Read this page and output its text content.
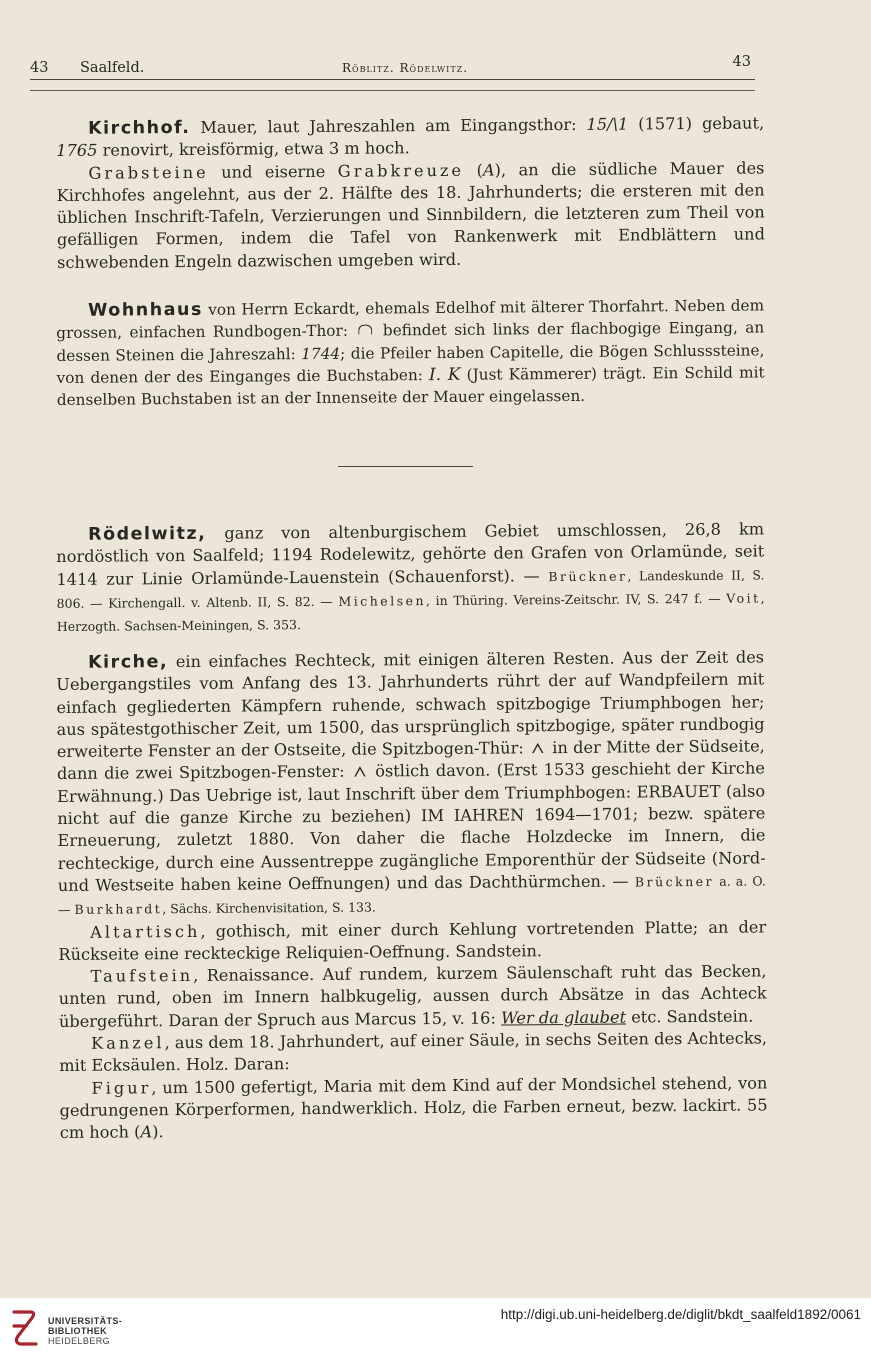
43 Saalfeld.	Röblitz. Rödelwitz.	43
Kirchhof. Mauer, laut Jahreszahlen am Eingangsthor: 15/\1 (1571) gebaut, 1765 renovirt, kreisförmig, etwa 3 m hoch.
Grabsteine und eiserne Grabkreuze (A), an die südliche Mauer des Kirchhofes angelehnt, aus der 2. Hälfte des 18. Jahrhunderts; die ersteren mit den üblichen Inschrift-Tafeln, Verzierungen und Sinnbildern, die letzteren zum Theil von gefälligen Formen, indem die Tafel von Rankenwerk mit Endblättern und schwebenden Engeln dazwischen umgeben wird.
Wohnhaus von Herrn Eckardt, ehemals Edelhof mit älterer Thorfahrt. Neben dem grossen, einfachen Rundbogen-Thor: befindet sich links der flachbogige Eingang, an dessen Steinen die Jahreszahl: 1744; die Pfeiler haben Capitelle, die Bögen Schlusssteine, von denen der des Einganges die Buchstaben: I. K (Just Kämmerer) trägt. Ein Schild mit denselben Buchstaben ist an der Innenseite der Mauer eingelassen.
Rödelwitz, ganz von altenburgischem Gebiet umschlossen, 26,8 km nordöstlich von Saalfeld; 1194 Rodelewitz, gehörte den Grafen von Orlamünde, seit 1414 zur Linie Orlamünde-Lauenstein (Schauenforst). — Brückner, Landeskunde II, S. 806. — Kirchengall. v. Altenb. II, S. 82. — Michelsen, in Thüring. Vereins-Zeitschr. IV, S. 247 f. — Voit, Herzogth. Sachsen-Meiningen, S. 353.
Kirche, ein einfaches Rechteck, mit einigen älteren Resten. Aus der Zeit des Uebergangstiles vom Anfang des 13. Jahrhunderts rührt der auf Wandpfeilern mit einfach gegliederten Kämpfern ruhende, schwach spitzbogige Triumphbogen her; aus spätestgothischer Zeit, um 1500, das ursprünglich spitzbogige, später rundbogig erweiterte Fenster an der Ostseite, die Spitzbogen-Thür: in der Mitte der Südseite, dann die zwei Spitzbogen-Fenster: östlich davon. (Erst 1533 geschieht der Kirche Erwähnung.) Das Uebrige ist, laut Inschrift über dem Triumphbogen: ERBAUET (also nicht auf die ganze Kirche zu beziehen) IM IAHREN 1694—1701; bezw. spätere Erneuerung, zuletzt 1880. Von daher die flache Holzdecke im Innern, die rechteckige, durch eine Aussentreppe zugängliche Emporenthür der Südseite (Nord- und Westseite haben keine Oeffnungen) und das Dachthürmchen. — Brückner a. a. O. — Burkhardt, Sächs. Kirchenvisitation, S. 133.
Altartisch, gothisch, mit einer durch Kehlung vortretenden Platte; an der Rückseite eine reckteckige Reliquien-Oeffnung. Sandstein.
Taufstein, Renaissance. Auf rundem, kurzem Säulenschaft ruht das Becken, unten rund, oben im Innern halbkugelig, aussen durch Absätze in das Achteck übergeführt. Daran der Spruch aus Marcus 15, v. 16: Wer da glaubet etc. Sandstein.
Kanzel, aus dem 18. Jahrhundert, auf einer Säule, in sechs Seiten des Achtecks, mit Ecksäulen. Holz. Daran:
Figur, um 1500 gefertigt, Maria mit dem Kind auf der Mondsichel stehend, von gedrungenen Körperformen, handwerklich. Holz, die Farben erneut, bezw. lackirt. 55 cm hoch (A).
UNIVERSITÄTS-
BIBLIOTHEK
HEIDELBERG
http://digi.ub.uni-heidelberg.de/diglit/bkdt_saalfeld1892/0061
